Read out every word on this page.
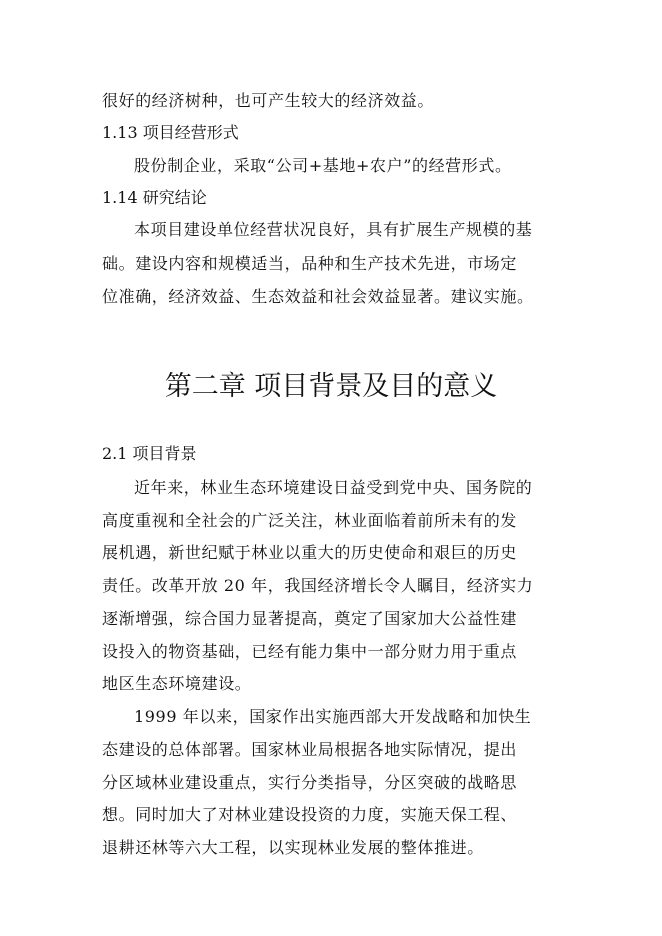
很好的经济树种，也可产生较大的经济效益。
1.13 项目经营形式
股份制企业，采取“公司+基地+农户”的经营形式。
1.14 研究结论
本项目建设单位经营状况良好，具有扩展生产规模的基
础。建设内容和规模适当，品种和生产技术先进，市场定
位准确，经济效益、生态效益和社会效益显著。建议实施。
第二章 项目背景及目的意义
2.1 项目背景
近年来，林业生态环境建设日益受到党中央、国务院的
高度重视和全社会的广泛关注，林业面临着前所未有的发
展机遇，新世纪赋于林业以重大的历史使命和艰巨的历史
责任。改革开放 20 年，我国经济增长令人瞩目，经济实力
逐渐增强，综合国力显著提高，奠定了国家加大公益性建
设投入的物资基础，已经有能力集中一部分财力用于重点
地区生态环境建设。
1999 年以来，国家作出实施西部大开发战略和加快生
态建设的总体部署。国家林业局根据各地实际情况，提出
分区域林业建设重点，实行分类指导，分区突破的战略思
想。同时加大了对林业建设投资的力度，实施天保工程、
退耕还林等六大工程，以实现林业发展的整体推进。
